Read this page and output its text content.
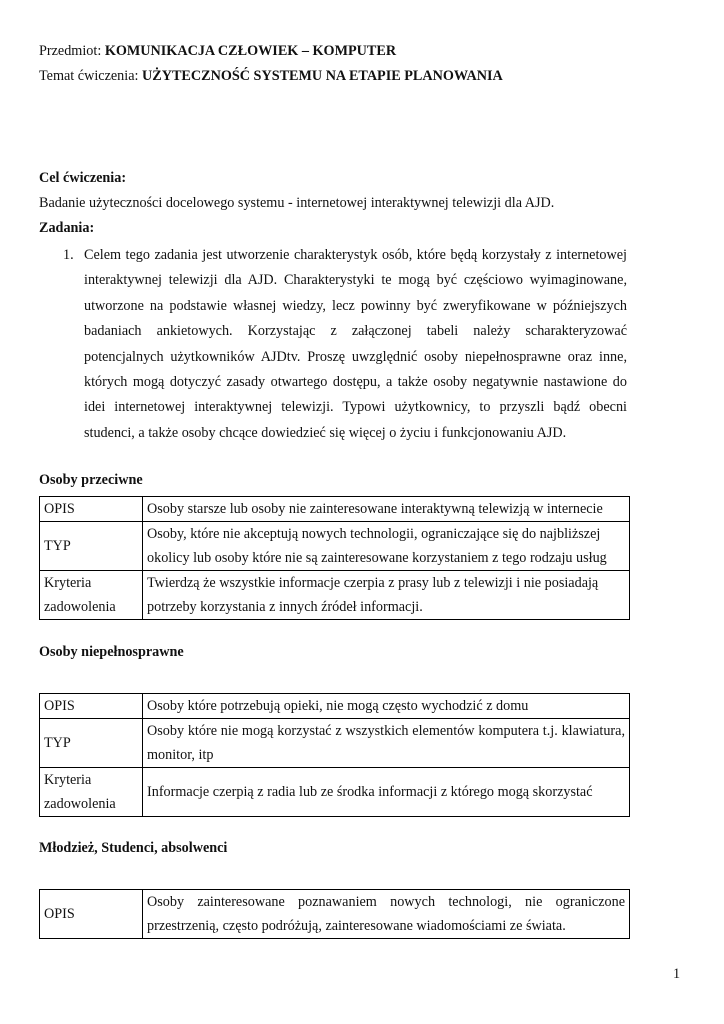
Przedmiot: KOMUNIKACJA CZŁOWIEK – KOMPUTER
Temat ćwiczenia: UŻYTECZNOŚĆ SYSTEMU NA ETAPIE PLANOWANIA
Cel ćwiczenia:
Badanie użyteczności docelowego systemu - internetowej interaktywnej telewizji dla AJD.
Zadania:
1. Celem tego zadania jest utworzenie charakterystyk osób, które będą korzystały z internetowej interaktywnej telewizji dla AJD. Charakterystyki te mogą być częściowo wyimaginowane, utworzone na podstawie własnej wiedzy, lecz powinny być zweryfikowane w późniejszych badaniach ankietowych. Korzystając z załączonej tabeli należy scharakteryzować potencjalnych użytkowników AJDtv. Proszę uwzględnić osoby niepełnosprawne oraz inne, których mogą dotyczyć zasady otwartego dostępu, a także osoby negatywnie nastawione do idei internetowej interaktywnej telewizji. Typowi użytkownicy, to przyszli bądź obecni studenci, a także osoby chcące dowiedzieć się więcej o życiu i funkcjonowaniu AJD.
Osoby przeciwne
OPIS	Osoby starsze lub osoby nie zainteresowane interaktywną telewizją w internecie
TYP	Osoby, które nie akceptują nowych technologii, ograniczające się do najbliższej okolicy lub osoby które nie są zainteresowane korzystaniem z tego rodzaju usług
Kryteria zadowolenia	Twierdzą że wszystkie informacje czerpia z prasy lub z telewizji i nie posiadają potrzeby korzystania z innych źródeł informacji.
Osoby niepełnosprawne
OPIS	Osoby które potrzebują opieki, nie mogą często wychodzić z domu
TYP	Osoby które nie mogą korzystać z wszystkich elementów komputera t.j. klawiatura, monitor, itp
Kryteria zadowolenia	Informacje czerpią z radia lub ze środka informacji z którego mogą skorzystać
Młodzież, Studenci, absolwenci
OPIS	Osoby zainteresowane poznawaniem nowych technologi, nie ograniczone przestrzenią, często podróżują, zainteresowane wiadomościami ze świata.
1
